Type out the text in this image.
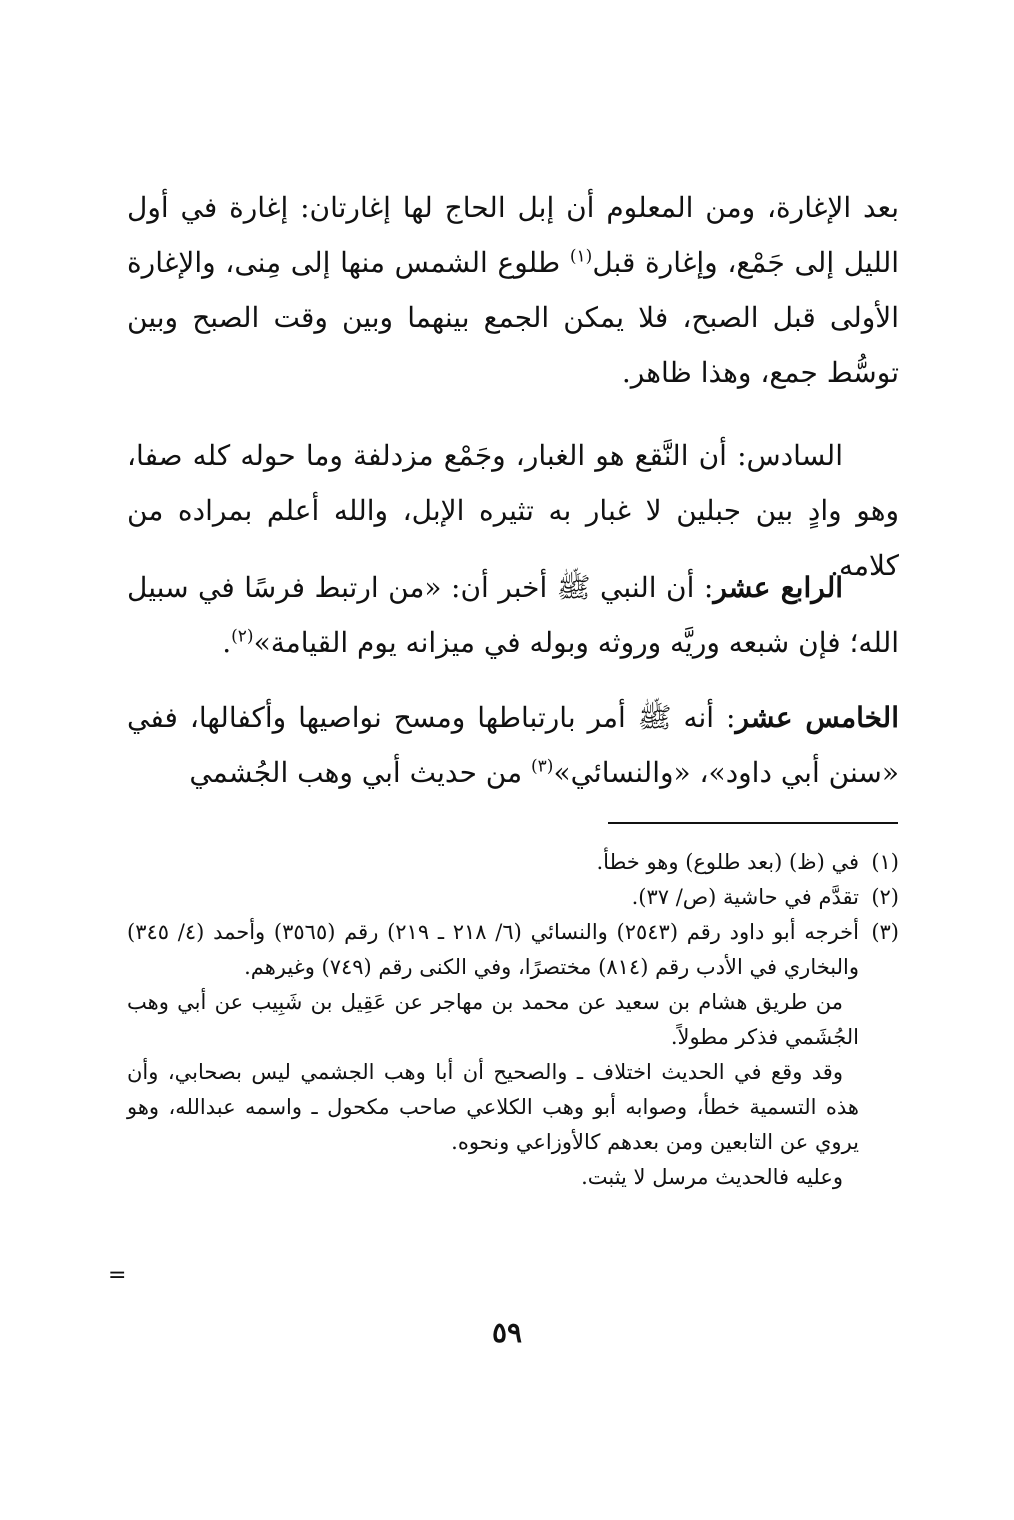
بعد الإغارة، ومن المعلوم أن إبل الحاج لها إغارتان: إغارة في أول الليل إلى جَمْع، وإغارة قبل$^{(١)}$ طلوع الشمس منها إلى مِنى، والإغارة الأولى قبل الصبح، فلا يمكن الجمع بينهما وبين وقت الصبح وبين توسُّط جمع، وهذا ظاهر.

السادس: أن النَّقع هو الغبار، وجَمْع مزدلفة وما حوله كله صفا، وهو وادٍ بين جبلين لا غبار به تثيره الإبل، والله أعلم بمراده من كلامه.

الرابع عشر: أن النبي ﷺ أخبر أن: «من ارتبط فرسًا في سبيل الله؛ فإن شبعه وريَّه وروثه وبوله في ميزانه يوم القيامة»$^{(٢)}$.

الخامس عشر: أنه ﷺ أمر بارتباطها ومسح نواصيها وأكفالها، ففي «سنن أبي داود»، «والنسائي»$^{(٣)}$ من حديث أبي وهب الجُشمي

(١)
في (ظ) (بعد طلوع) وهو خطأ.
(٢)
تقدَّم في حاشية (ص/ ٣٧).
(٣)
أخرجه أبو داود رقم (٢٥٤٣) والنسائي (٦/ ٢١٨ ـ ٢١٩) رقم (٣٥٦٥) وأحمد (٤/ ٣٤٥) والبخاري في الأدب رقم (٨١٤) مختصرًا، وفي الكنى رقم (٧٤٩) وغيرهم.
من طريق هشام بن سعيد عن محمد بن مهاجر عن عَقِيل بن شَبِيب عن أبي وهب الجُشَمي فذكر مطولاً.
وقد وقع في الحديث اختلاف ـ والصحيح أن أبا وهب الجشمي ليس بصحابي، وأن هذه التسمية خطأ، وصوابه أبو وهب الكلاعي صاحب مكحول ـ واسمه عبدالله، وهو يروي عن التابعين ومن بعدهم كالأوزاعي ونحوه.
وعليه فالحديث مرسل لا يثبت.
=
٥٩
